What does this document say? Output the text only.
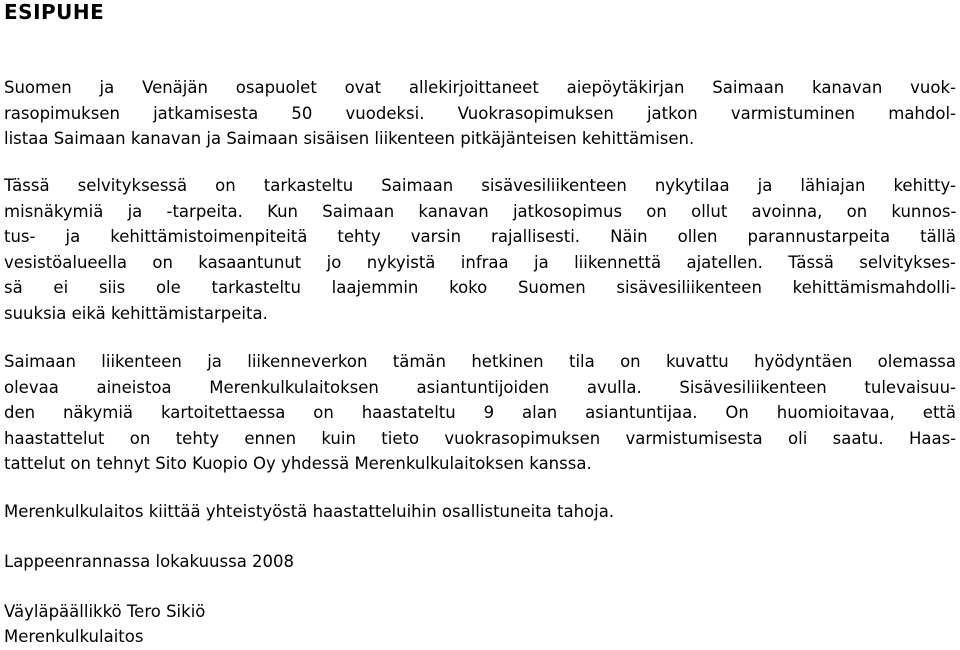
ESIPUHE
Suomen ja Venäjän osapuolet ovat allekirjoittaneet aiepöytäkirjan Saimaan kanavan vuok-
rasopimuksen jatkamisesta 50 vuodeksi. Vuokrasopimuksen jatkon varmistuminen mahdol-
listaa Saimaan kanavan ja Saimaan sisäisen liikenteen pitkäjänteisen kehittämisen.
Tässä selvityksessä on tarkasteltu Saimaan sisävesiliikenteen nykytilaa ja lähiajan kehitty-
misnäkymiä ja -tarpeita. Kun Saimaan kanavan jatkosopimus on ollut avoinna, on kunnos-
tus- ja kehittämistoimenpiteitä tehty varsin rajallisesti. Näin ollen parannustarpeita tällä
vesistöalueella on kasaantunut jo nykyistä infraa ja liikennettä ajatellen. Tässä selvitykses-
sä ei siis ole tarkasteltu laajemmin koko Suomen sisävesiliikenteen kehittämismahdolli-
suuksia eikä kehittämistarpeita.
Saimaan liikenteen ja liikenneverkon tämän hetkinen tila on kuvattu hyödyntäen olemassa
olevaa aineistoa Merenkulkulaitoksen asiantuntijoiden avulla. Sisävesiliikenteen tulevaisuu-
den näkymiä kartoitettaessa on haastateltu 9 alan asiantuntijaa. On huomioitavaa, että
haastattelut on tehty ennen kuin tieto vuokrasopimuksen varmistumisesta oli saatu. Haas-
tattelut on tehnyt Sito Kuopio Oy yhdessä Merenkulkulaitoksen kanssa.

Merenkulkulaitos kiittää yhteistyöstä haastatteluihin osallistuneita tahoja.

Lappeenrannassa lokakuussa 2008

Väyläpäällikkö Tero Sikiö

Merenkulkulaitos
